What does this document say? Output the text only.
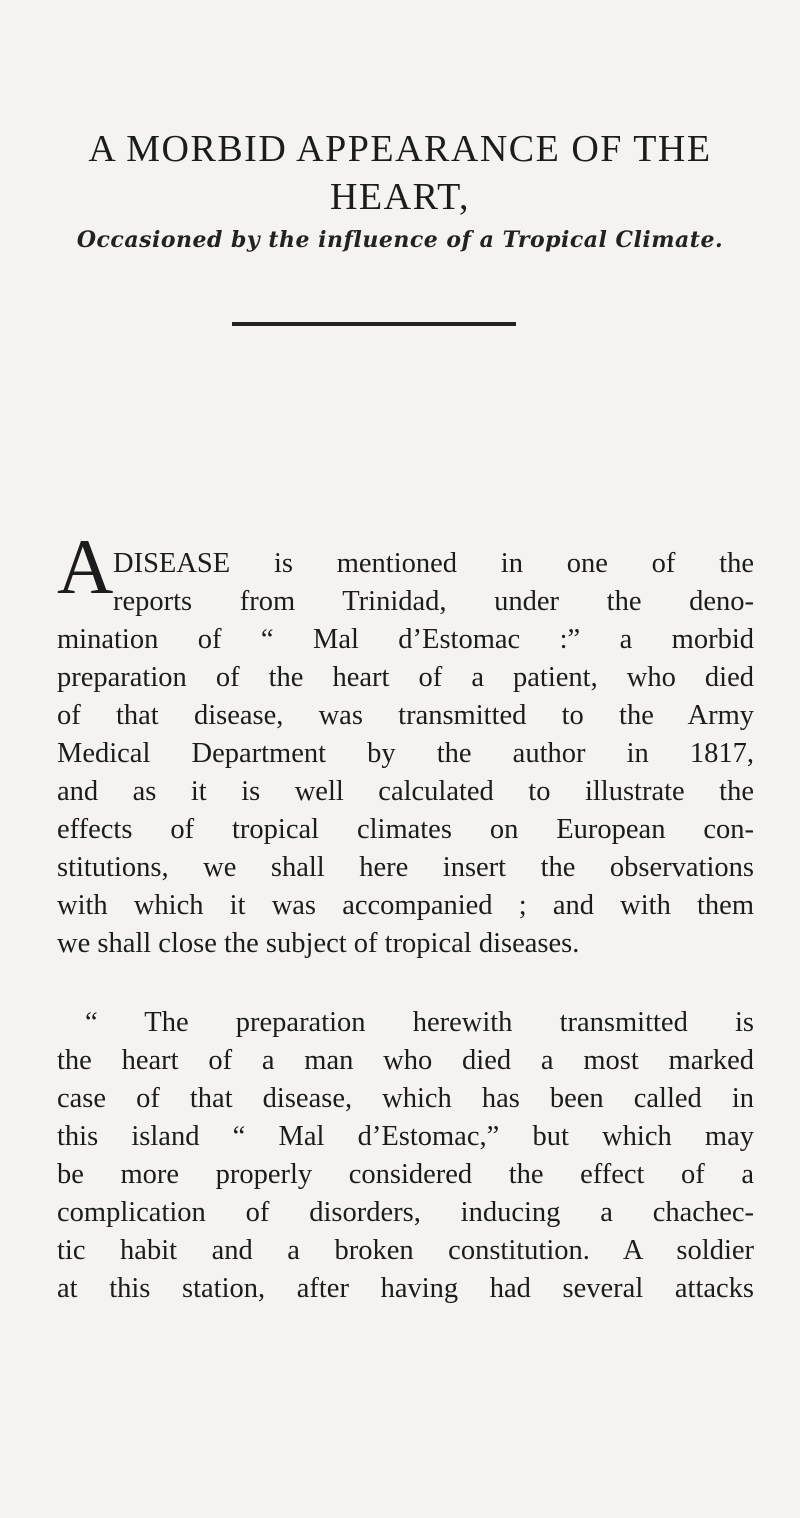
A MORBID APPEARANCE OF THE
HEART,
Occasioned by the influence of a Tropical Climate.
A DISEASE is mentioned in one of the
reports from Trinidad, under the deno-
mination of “ Mal d’Estomac :” a morbid
preparation of the heart of a patient, who died
of that disease, was transmitted to the Army
Medical Department by the author in 1817,
and as it is well calculated to illustrate the
effects of tropical climates on European con-
stitutions, we shall here insert the observations
with which it was accompanied ; and with them
we shall close the subject of tropical diseases.
“ The preparation herewith transmitted is
the heart of a man who died a most marked
case of that disease, which has been called in
this island “ Mal d’Estomac,” but which may
be more properly considered the effect of a
complication of disorders, inducing a chachec-
tic habit and a broken constitution. A soldier
at this station, after having had several attacks
